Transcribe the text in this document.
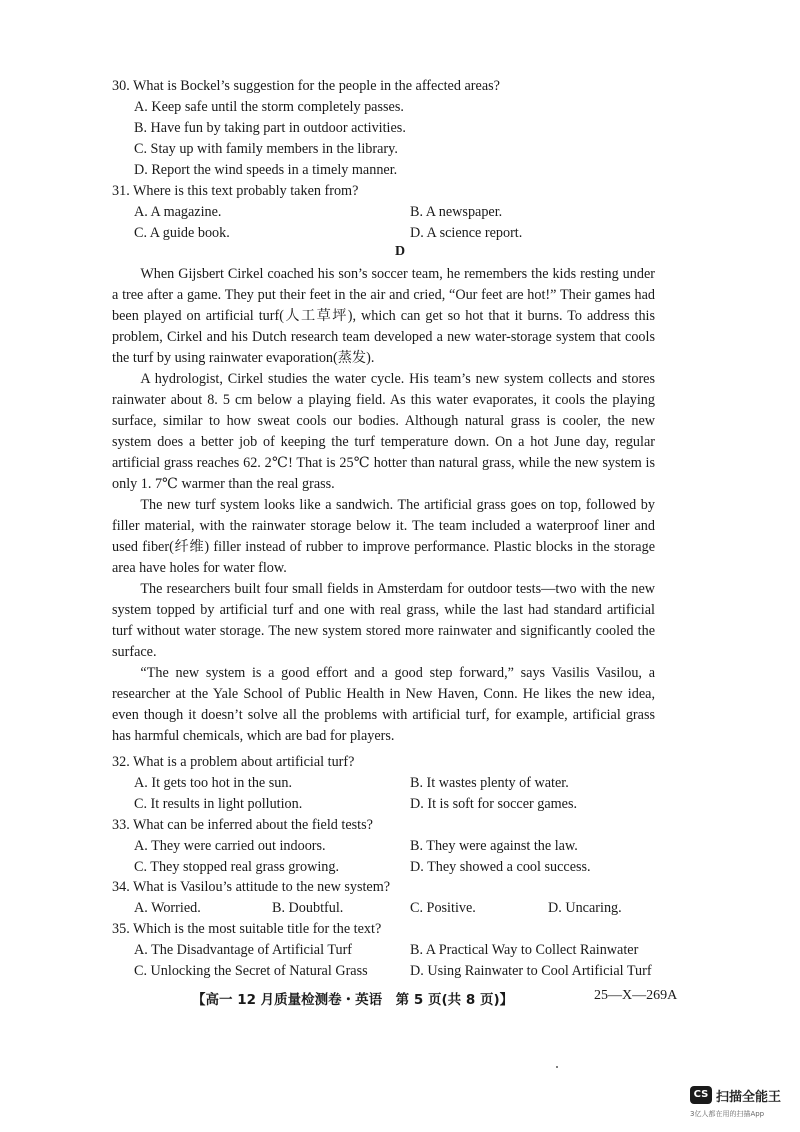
30. What is Bockel’s suggestion for the people in the affected areas?
A. Keep safe until the storm completely passes.
B. Have fun by taking part in outdoor activities.
C. Stay up with family members in the library.
D. Report the wind speeds in a timely manner.
31. Where is this text probably taken from?
A. A magazine.	B. A newspaper.
C. A guide book.	D. A science report.
D

When Gijsbert Cirkel coached his son’s soccer team, he remembers the kids resting under a tree after a game. They put their feet in the air and cried, “Our feet are hot!” Their games had been played on artificial turf(人工草坪), which can get so hot that it burns. To address this problem, Cirkel and his Dutch research team developed a new water-storage system that cools the turf by using rainwater evaporation(蒸发).

A hydrologist, Cirkel studies the water cycle. His team’s new system collects and stores rainwater about 8. 5 cm below a playing field. As this water evaporates, it cools the playing surface, similar to how sweat cools our bodies. Although natural grass is cooler, the new system does a better job of keeping the turf temperature down. On a hot June day, regular artificial grass reaches 62. 2℃! That is 25℃ hotter than natural grass, while the new system is only 1. 7℃ warmer than the real grass.

The new turf system looks like a sandwich. The artificial grass goes on top, followed by filler material, with the rainwater storage below it. The team included a waterproof liner and used fiber(纤维) filler instead of rubber to improve performance. Plastic blocks in the storage area have holes for water flow.

The researchers built four small fields in Amsterdam for outdoor tests—two with the new system topped by artificial turf and one with real grass, while the last had standard artificial turf without water storage. The new system stored more rainwater and significantly cooled the surface.

“The new system is a good effort and a good step forward,” says Vasilis Vasilou, a researcher at the Yale School of Public Health in New Haven, Conn. He likes the new idea, even though it doesn’t solve all the problems with artificial turf, for example, artificial grass has harmful chemicals, which are bad for players.

32. What is a problem about artificial turf?
A. It gets too hot in the sun.	B. It wastes plenty of water.
C. It results in light pollution.	D. It is soft for soccer games.
33. What can be inferred about the field tests?
A. They were carried out indoors.	B. They were against the law.
C. They stopped real grass growing.	D. They showed a cool success.
34. What is Vasilou’s attitude to the new system?
A. Worried.	B. Doubtful.	C. Positive.	D. Uncaring.
35. Which is the most suitable title for the text?
A. The Disadvantage of Artificial Turf	B. A Practical Way to Collect Rainwater
C. Unlocking the Secret of Natural Grass	D. Using Rainwater to Cool Artificial Turf
【高一 12 月质量检测卷・英语　第 5 页(共 8 页)】	25—X—269A
CS 扫描全能王
3亿人都在用的扫描App
